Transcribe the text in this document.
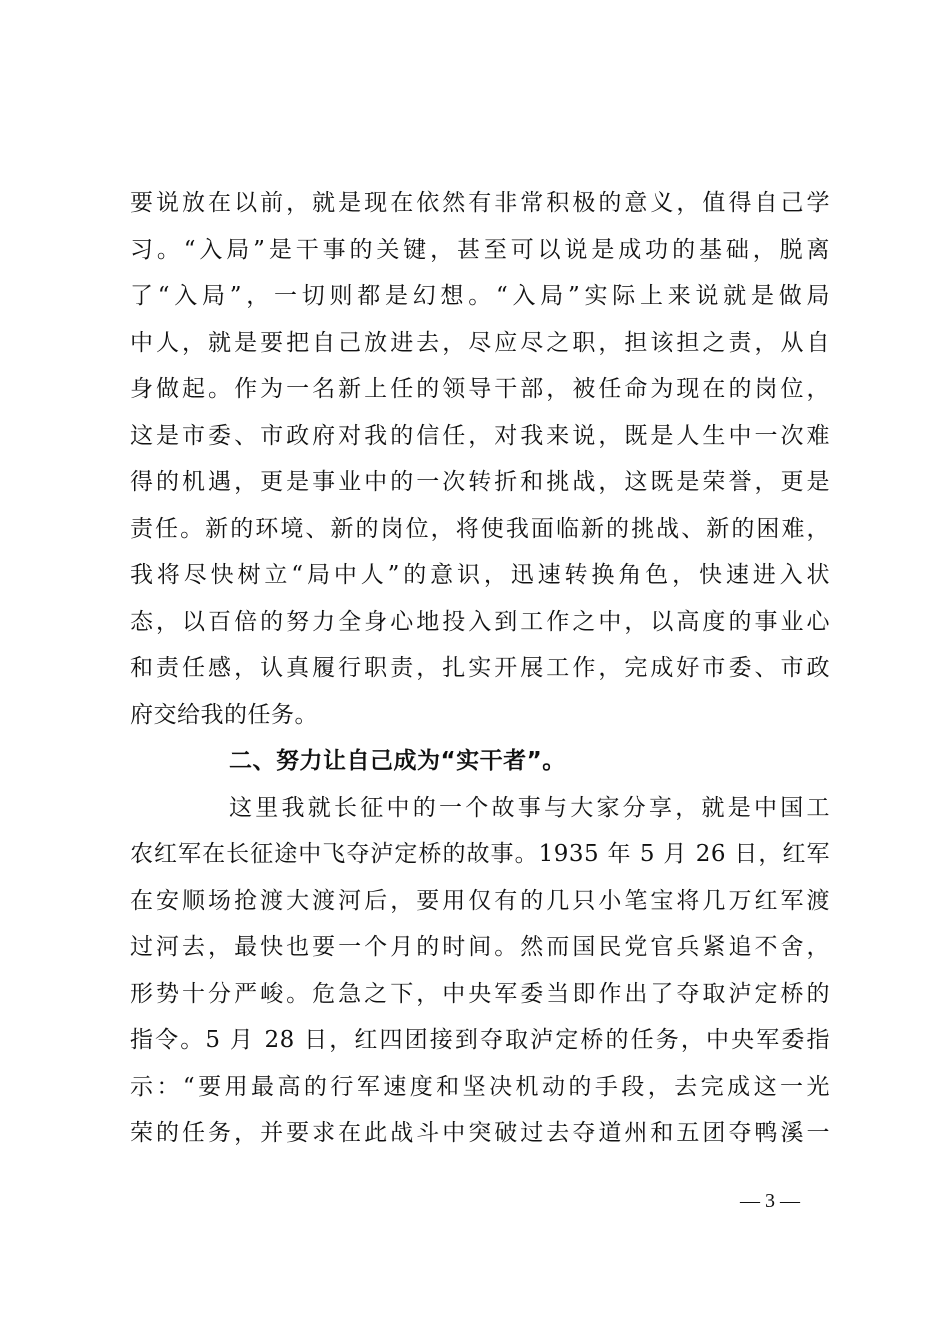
要说放在以前，就是现在依然有非常积极的意义，值得自己学
习。“入局”是干事的关键，甚至可以说是成功的基础，脱离
了“入局”，一切则都是幻想。“入局”实际上来说就是做局
中人，就是要把自己放进去，尽应尽之职，担该担之责，从自
身做起。作为一名新上任的领导干部，被任命为现在的岗位，
这是市委、市政府对我的信任，对我来说，既是人生中一次难
得的机遇，更是事业中的一次转折和挑战，这既是荣誉，更是
责任。新的环境、新的岗位，将使我面临新的挑战、新的困难，
我将尽快树立“局中人”的意识，迅速转换角色，快速进入状
态，以百倍的努力全身心地投入到工作之中，以高度的事业心
和责任感，认真履行职责，扎实开展工作，完成好市委、市政
府交给我的任务。
二、努力让自己成为“实干者”。
这里我就长征中的一个故事与大家分享，就是中国工
农红军在长征途中飞夺泸定桥的故事。1935 年 5 月 26 日，红军
在安顺场抢渡大渡河后，要用仅有的几只小笔宝将几万红军渡
过河去，最快也要一个月的时间。然而国民党官兵紧追不舍，
形势十分严峻。危急之下，中央军委当即作出了夺取泸定桥的
指令。5 月 28 日，红四团接到夺取泸定桥的任务，中央军委指
示：“要用最高的行军速度和坚决机动的手段，去完成这一光
荣的任务，并要求在此战斗中突破过去夺道州和五团夺鸭溪一
— 3 —
